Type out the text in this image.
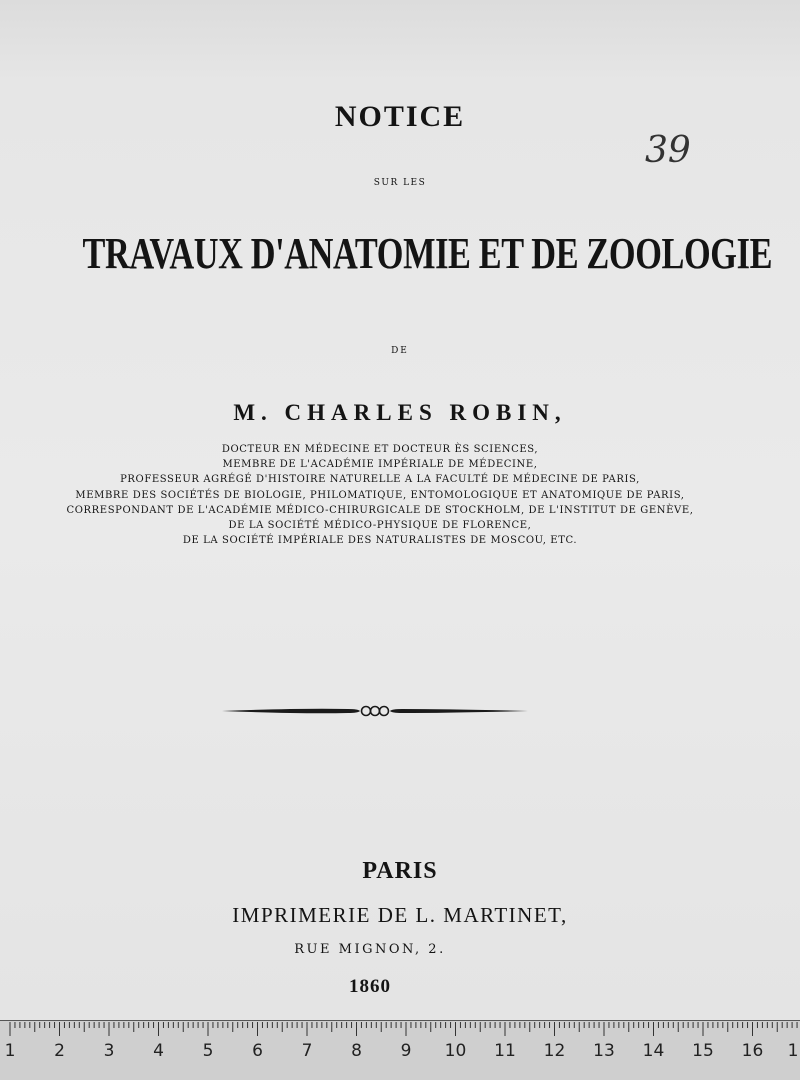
NOTICE
39
SUR LES
TRAVAUX D'ANATOMIE ET DE ZOOLOGIE
DE
M. CHARLES ROBIN,
DOCTEUR EN MÉDECINE ET DOCTEUR ÈS SCIENCES,
MEMBRE DE L'ACADÉMIE IMPÉRIALE DE MÉDECINE,
PROFESSEUR AGRÉGÉ D'HISTOIRE NATURELLE A LA FACULTÉ DE MÉDECINE DE PARIS,
MEMBRE DES SOCIÉTÉS DE BIOLOGIE, PHILOMATIQUE, ENTOMOLOGIQUE ET ANATOMIQUE DE PARIS,
CORRESPONDANT DE L'ACADÉMIE MÉDICO-CHIRURGICALE DE STOCKHOLM, DE L'INSTITUT DE GENÈVE,
DE LA SOCIÉTÉ MÉDICO-PHYSIQUE DE FLORENCE,
DE LA SOCIÉTÉ IMPÉRIALE DES NATURALISTES DE MOSCOU, ETC.
PARIS
IMPRIMERIE DE L. MARTINET,
RUE MIGNON, 2.
1860
1 2 3 4 5 6 7 8 9 10 11 12 13 14 15 16 1
